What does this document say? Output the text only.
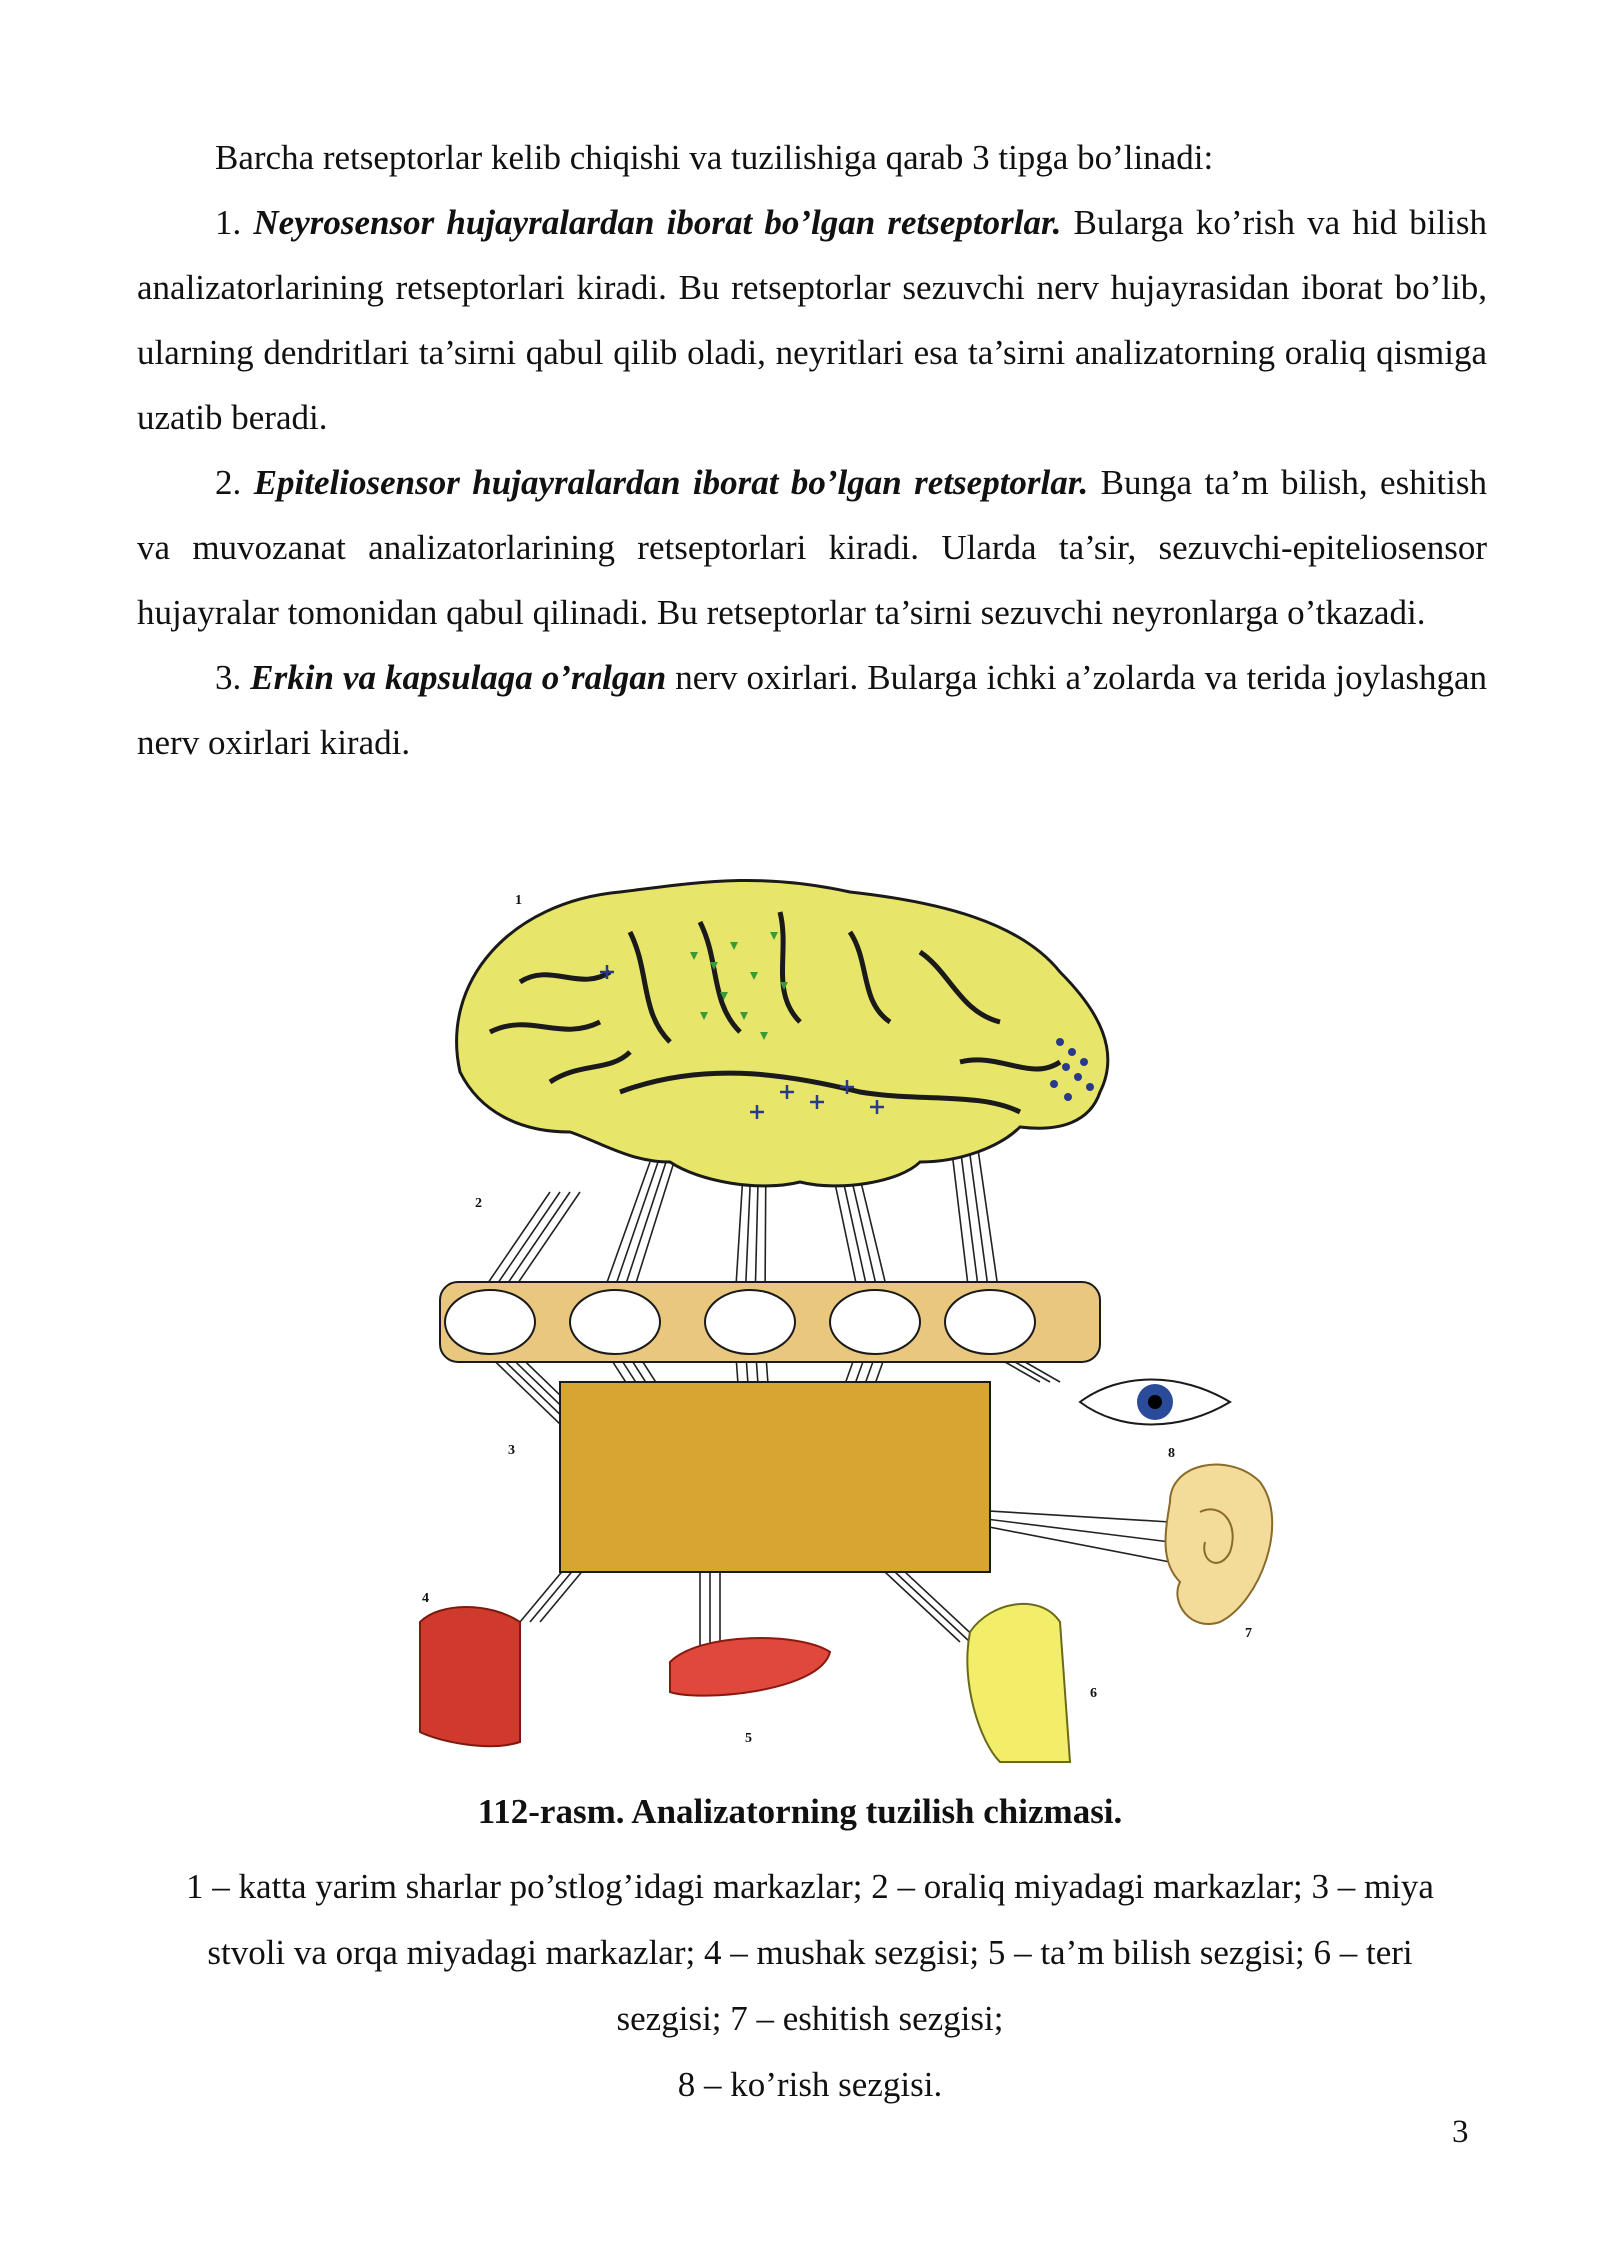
Barcha retseptorlar kelib chiqishi va tuzilishiga qarab 3 tipga bo’linadi:

1. Neyrosensor hujayralardan iborat bo’lgan retseptorlar. Bularga ko’rish va hid bilish analizatorlarining retseptorlari kiradi. Bu retseptorlar sezuvchi nerv hujayrasidan iborat bo’lib, ularning dendritlari ta’sirni qabul qilib oladi, neyritlari esa ta’sirni analizatorning oraliq qismiga uzatib beradi.

2. Epiteliosensor hujayralardan iborat bo’lgan retseptorlar. Bunga ta’m bilish, eshitish va muvozanat analizatorlarining retseptorlari kiradi. Ularda ta’sir, sezuvchi-epiteliosensor hujayralar tomonidan qabul qilinadi. Bu retseptorlar ta’sirni sezuvchi neyronlarga o’tkazadi.

3. Erkin va kapsulaga o’ralgan nerv oxirlari. Bularga ichki a’zolarda va terida joylashgan nerv oxirlari kiradi.

1
2
3
4
5
6
7
8
112-rasm. Analizatorning tuzilish chizmasi.

1 – katta yarim sharlar po’stlog’idagi markazlar; 2 – oraliq miyadagi markazlar; 3 – miya

stvoli va orqa miyadagi markazlar; 4 – mushak sezgisi; 5 – ta’m bilish sezgisi; 6 – teri

sezgisi; 7 – eshitish sezgisi;

8 – ko’rish sezgisi.

3
